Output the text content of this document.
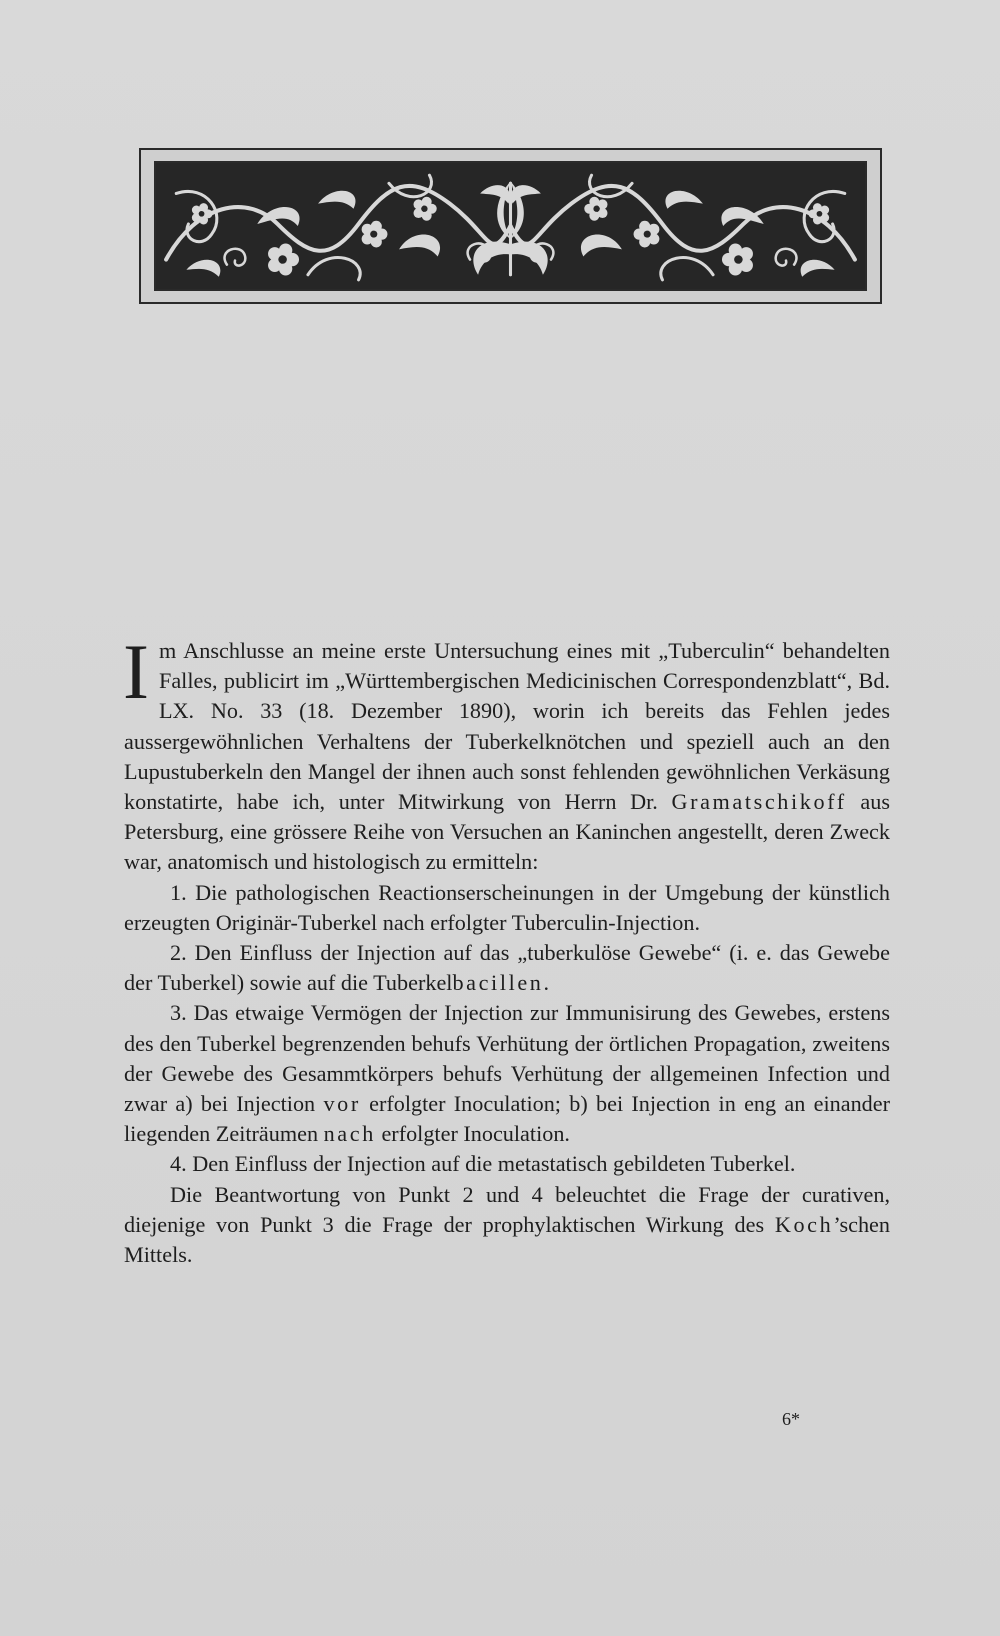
Im Anschlusse an meine erste Untersuchung eines mit „Tuberculin“ behandelten Falles, publicirt im „Württembergischen Medicinischen Correspondenzblatt“, Bd. LX. No. 33 (18. Dezember 1890), worin ich bereits das Fehlen jedes aussergewöhnlichen Verhaltens der Tuberkelknötchen und speziell auch an den Lupustuberkeln den Mangel der ihnen auch sonst fehlenden gewöhnlichen Verkäsung konstatirte, habe ich, unter Mitwirkung von Herrn Dr. Gramatschikoff aus Petersburg, eine grössere Reihe von Versuchen an Kaninchen angestellt, deren Zweck war, anatomisch und histologisch zu ermitteln:

1. Die pathologischen Reactionserscheinungen in der Umgebung der künstlich erzeugten Originär-Tuberkel nach erfolgter Tuberculin-Injection.

2. Den Einfluss der Injection auf das „tuberkulöse Gewebe“ (i. e. das Gewebe der Tuberkel) sowie auf die Tuberkelbacillen.

3. Das etwaige Vermögen der Injection zur Immunisirung des Gewebes, erstens des den Tuberkel begrenzenden behufs Verhütung der örtlichen Propagation, zweitens der Gewebe des Gesammtkörpers behufs Verhütung der allgemeinen Infection und zwar a) bei Injection vor erfolgter Inoculation; b) bei Injection in eng an einander liegenden Zeiträumen nach erfolgter Inoculation.

4. Den Einfluss der Injection auf die metastatisch gebildeten Tuberkel.

Die Beantwortung von Punkt 2 und 4 beleuchtet die Frage der curativen, diejenige von Punkt 3 die Frage der prophylaktischen Wirkung des Koch’schen Mittels.

6*
